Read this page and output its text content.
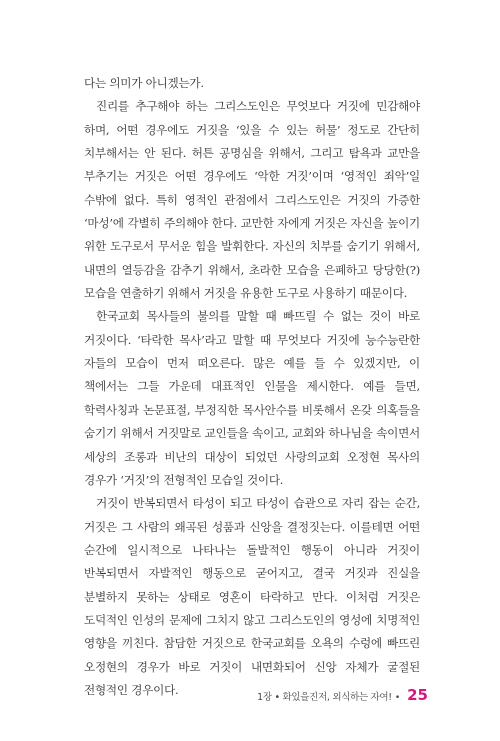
다는 의미가 아니겠는가.

진리를 추구해야 하는 그리스도인은 무엇보다 거짓에 민감해야 하며, 어떤 경우에도 거짓을 ‘있을 수 있는 허물’ 정도로 간단히 치부해서는 안 된다. 허튼 공명심을 위해서, 그리고 탐욕과 교만을 부추기는 거짓은 어떤 경우에도 ‘악한 거짓’이며 ‘영적인 죄악’일 수밖에 없다. 특히 영적인 관점에서 그리스도인은 거짓의 가증한 ‘마성’에 각별히 주의해야 한다. 교만한 자에게 거짓은 자신을 높이기 위한 도구로서 무서운 힘을 발휘한다. 자신의 치부를 숨기기 위해서, 내면의 열등감을 감추기 위해서, 초라한 모습을 은폐하고 당당한(?) 모습을 연출하기 위해서 거짓을 유용한 도구로 사용하기 때문이다.

한국교회 목사들의 불의를 말할 때 빠뜨릴 수 없는 것이 바로 거짓이다. ‘타락한 목사’라고 말할 때 무엇보다 거짓에 능수능란한 자들의 모습이 먼저 떠오른다. 많은 예를 들 수 있겠지만, 이 책에서는 그들 가운데 대표적인 인물을 제시한다. 예를 들면, 학력사칭과 논문표절, 부정직한 목사안수를 비롯해서 온갖 의혹들을 숨기기 위해서 거짓말로 교인들을 속이고, 교회와 하나님을 속이면서 세상의 조롱과 비난의 대상이 되었던 사랑의교회 오정현 목사의 경우가 ‘거짓’의 전형적인 모습일 것이다.

거짓이 반복되면서 타성이 되고 타성이 습관으로 자리 잡는 순간, 거짓은 그 사람의 왜곡된 성품과 신앙을 결정짓는다. 이를테면 어떤 순간에 일시적으로 나타나는 돌발적인 행동이 아니라 거짓이 반복되면서 자발적인 행동으로 굳어지고, 결국 거짓과 진실을 분별하지 못하는 상태로 영혼이 타락하고 만다. 이처럼 거짓은 도덕적인 인성의 문제에 그치지 않고 그리스도인의 영성에 치명적인 영향을 끼친다. 참담한 거짓으로 한국교회를 오욕의 수렁에 빠뜨린 오정현의 경우가 바로 거짓이 내면화되어 신앙 자체가 굴절된 전형적인 경우이다.

1장 • 화있을진저, 외식하는 자여! • 25
